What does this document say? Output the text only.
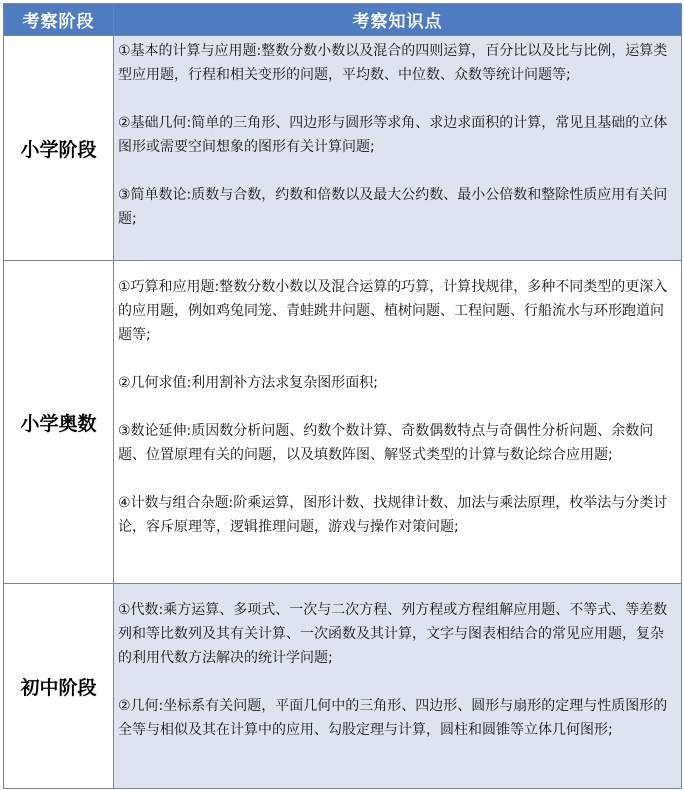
考察阶段	考察知识点
小学阶段	①基本的计算与应用题:整数分数小数以及混合的四则运算，百分比以及比与比例，运算类型应用题，行程和相关变形的问题，平均数、中位数、众数等统计问题等;

②基础几何:简单的三角形、四边形与圆形等求角、求边求面积的计算，常见且基础的立体图形或需要空间想象的图形有关计算问题;

③简单数论:质数与合数，约数和倍数以及最大公约数、最小公倍数和整除性质应用有关问题;

小学奥数	①巧算和应用题:整数分数小数以及混合运算的巧算，计算找规律，多种不同类型的更深入的应用题，例如鸡兔同笼、青蛙跳井问题、植树问题、工程问题、行船流水与环形跑道问题等;

②几何求值:利用割补方法求复杂图形面积;

③数论延伸:质因数分析问题、约数个数计算、奇数偶数特点与奇偶性分析问题、余数问题、位置原理有关的问题，以及填数阵图、解竖式类型的计算与数论综合应用题;

④计数与组合杂题:阶乘运算，图形计数、找规律计数、加法与乘法原理，枚举法与分类讨论，容斥原理等，逻辑推理问题，游戏与操作对策问题;

初中阶段	①代数:乘方运算、多项式、一次与二次方程、列方程或方程组解应用题、不等式、等差数列和等比数列及其有关计算、一次函数及其计算，文字与图表相结合的常见应用题，复杂的利用代数方法解决的统计学问题;

②几何:坐标系有关问题，平面几何中的三角形、四边形、圆形与扇形的定理与性质图形的全等与相似及其在计算中的应用、勾股定理与计算，圆柱和圆锥等立体几何图形;
